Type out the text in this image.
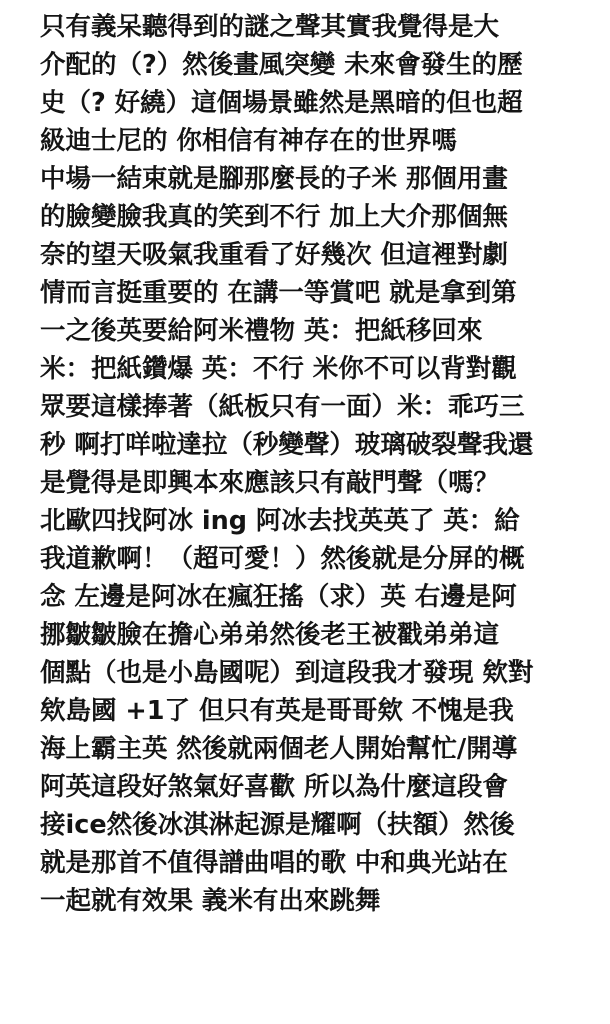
只有義呆聽得到的謎之聲其實我覺得是大
介配的（?）然後畫風突變 未來會發生的歷
史（? 好繞）這個場景雖然是黑暗的但也超
級迪士尼的 你相信有神存在的世界嗎
中場一結束就是腳那麼長的子米 那個用畫
的臉變臉我真的笑到不行 加上大介那個無
奈的望天吸氣我重看了好幾次 但這裡對劇
情而言挺重要的 在講一等賞吧 就是拿到第
一之後英要給阿米禮物 英：把紙移回來
米：把紙鑽爆 英：不行 米你不可以背對觀
眾要這樣捧著（紙板只有一面）米：乖巧三
秒 啊打咩啦達拉（秒變聲）玻璃破裂聲我還
是覺得是即興本來應該只有敲門聲（嗎？
北歐四找阿冰 ing 阿冰去找英英了 英：給
我道歉啊！（超可愛！）然後就是分屏的概
念 左邊是阿冰在瘋狂搖（求）英 右邊是阿
挪皺皺臉在擔心弟弟然後老王被戳弟弟這
個點（也是小島國呢）到這段我才發現 欸對
欸島國 +1了 但只有英是哥哥欸 不愧是我
海上霸主英 然後就兩個老人開始幫忙/開導
阿英這段好煞氣好喜歡 所以為什麼這段會
接ice然後冰淇淋起源是耀啊（扶額）然後
就是那首不值得譜曲唱的歌 中和典光站在
一起就有效果 義米有出來跳舞
